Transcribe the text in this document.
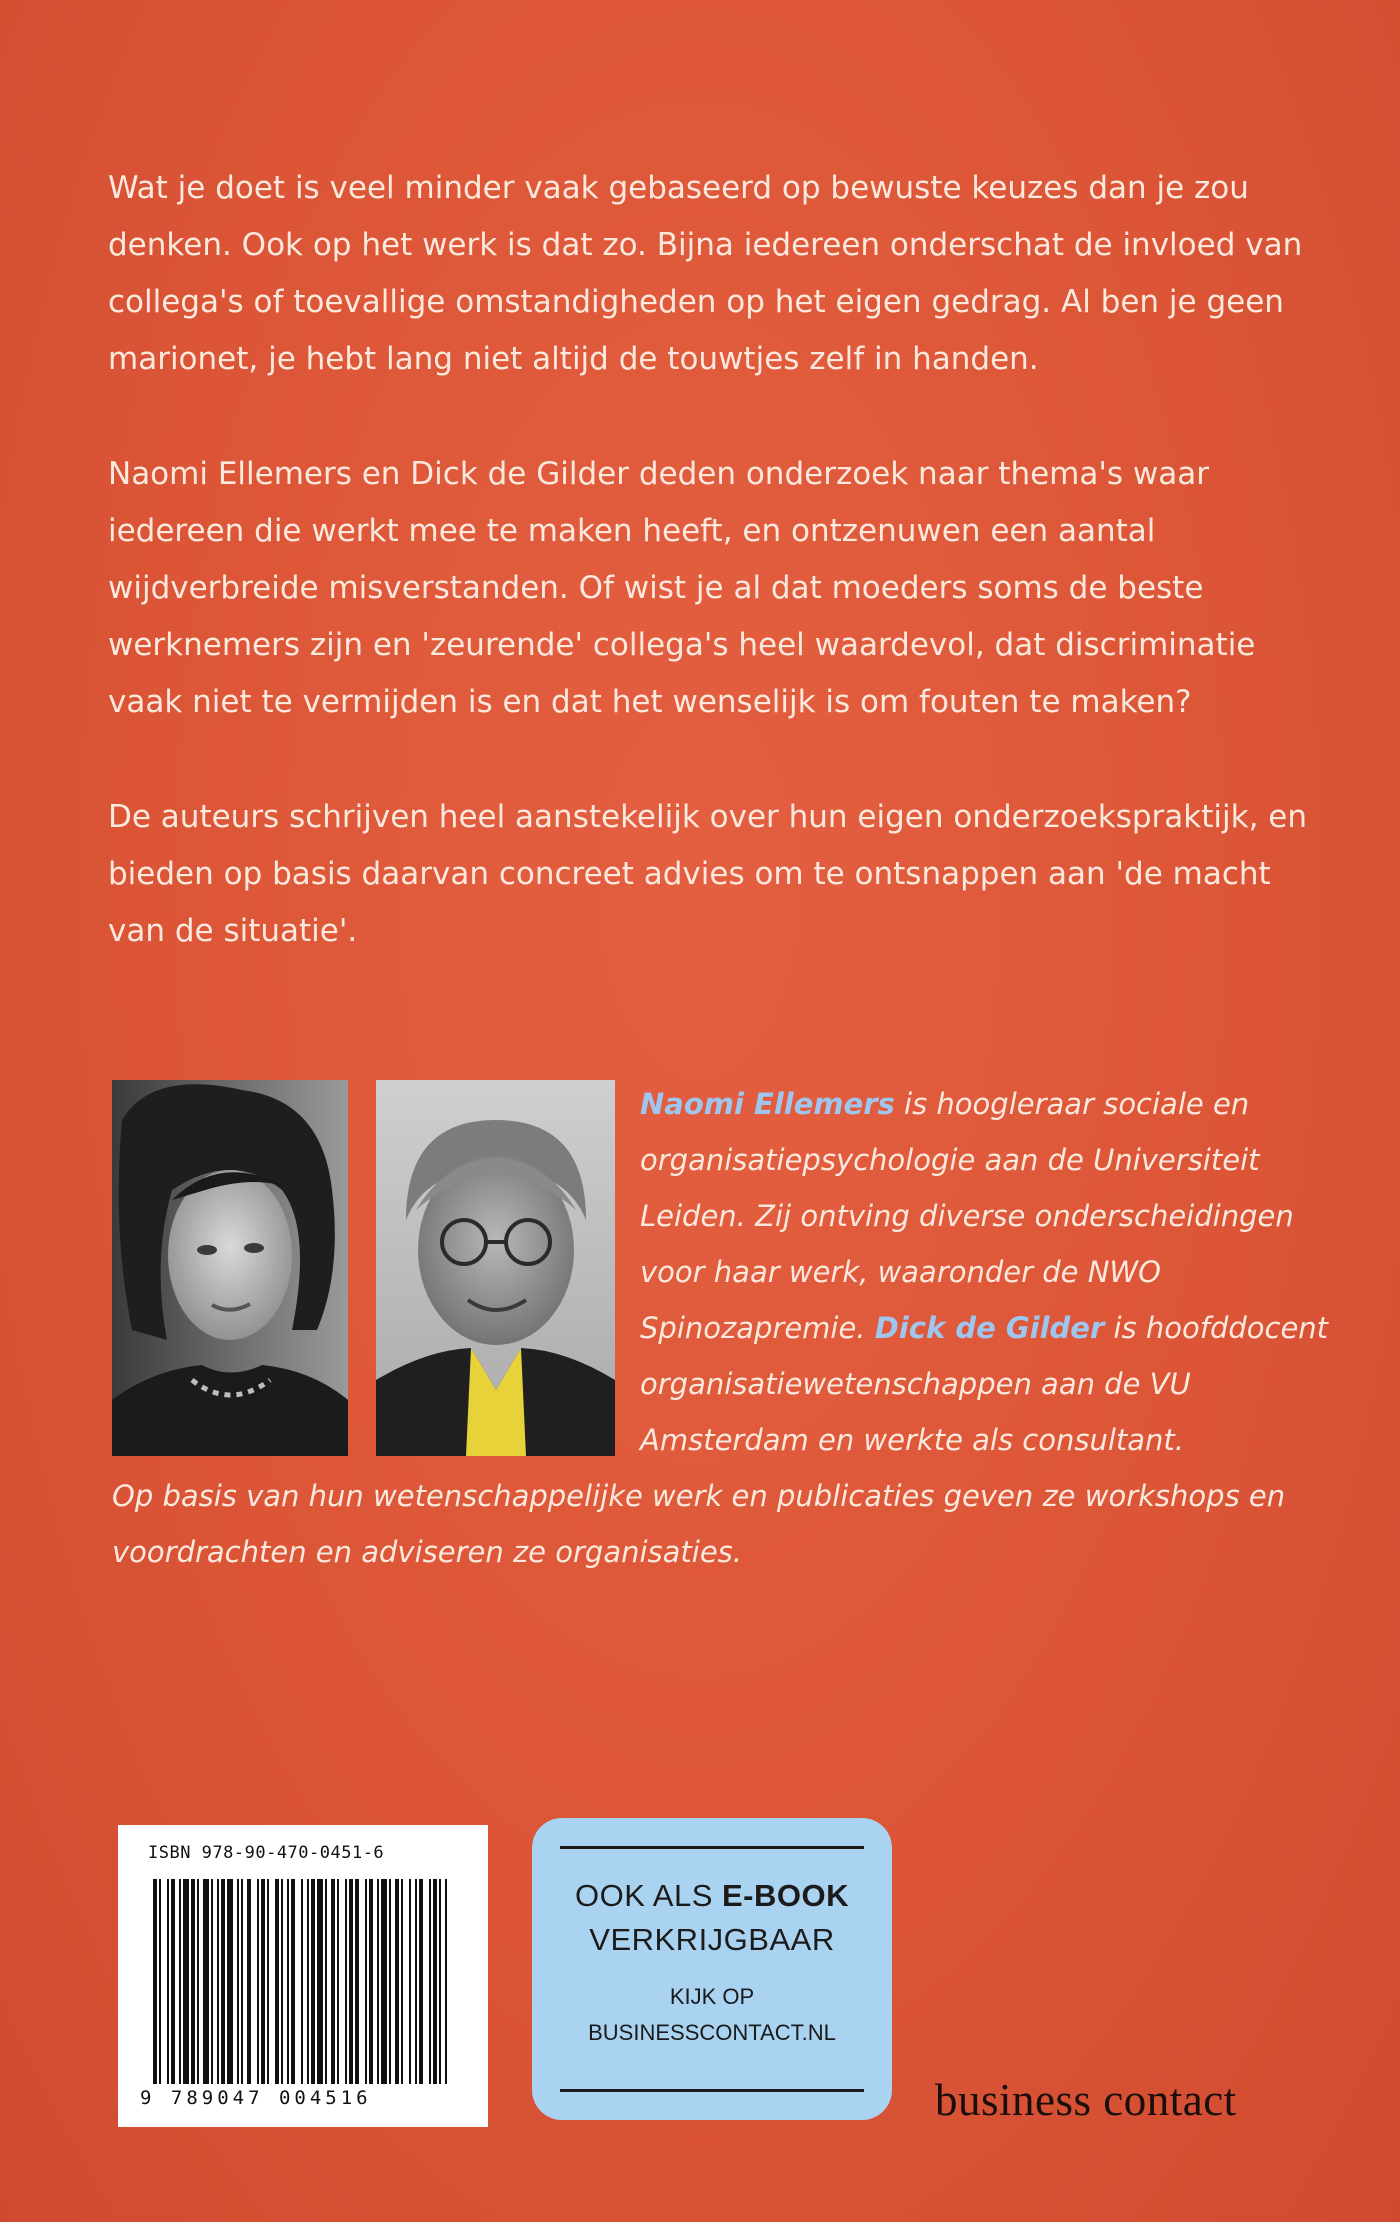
Wat je doet is veel minder vaak gebaseerd op bewuste keuzes dan je zou denken. Ook op het werk is dat zo. Bijna iedereen onderschat de invloed van collega's of toevallige omstandigheden op het eigen gedrag. Al ben je geen marionet, je hebt lang niet altijd de touwtjes zelf in handen.

Naomi Ellemers en Dick de Gilder deden onderzoek naar thema's waar iedereen die werkt mee te maken heeft, en ontzenuwen een aantal wijdverbreide misverstanden. Of wist je al dat moeders soms de beste werknemers zijn en 'zeurende' collega's heel waardevol, dat discriminatie vaak niet te vermijden is en dat het wenselijk is om fouten te maken?

De auteurs schrijven heel aanstekelijk over hun eigen onderzoekspraktijk, en bieden op basis daarvan concreet advies om te ontsnappen aan 'de macht van de situatie'.

Naomi Ellemers is hoogleraar sociale en organisatiepsychologie aan de Universiteit Leiden. Zij ontving diverse onderscheidingen voor haar werk, waaronder de NWO Spinozapremie. Dick de Gilder is hoofddocent organisatiewetenschappen aan de VU Amsterdam en werkte als consultant.

Op basis van hun wetenschappelijke werk en publicaties geven ze workshops en voordrachten en adviseren ze organisaties.

ISBN 978-90-470-0451-6
9 789047 004516
OOK ALS E-BOOK
VERKRIJGBAAR
KIJK OP
BUSINESSCONTACT.NL
business contact
